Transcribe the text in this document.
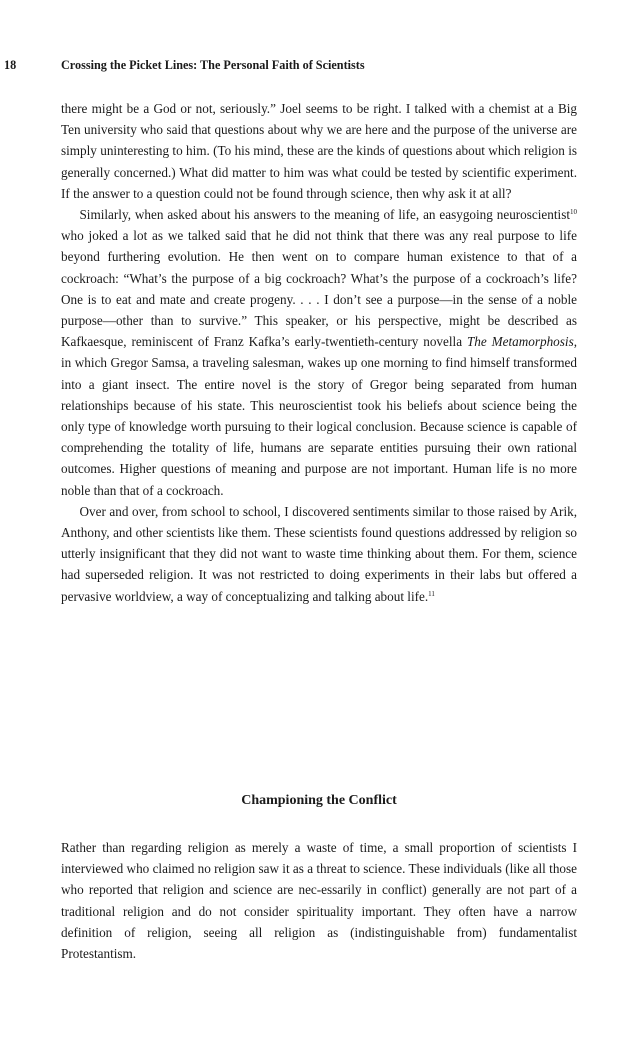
18	Crossing the Picket Lines: The Personal Faith of Scientists

there might be a God or not, seriously.” Joel seems to be right. I talked with a chemist at a Big Ten university who said that questions about why we are here and the purpose of the universe are simply uninteresting to him. (To his mind, these are the kinds of questions about which religion is generally concerned.) What did matter to him was what could be tested by scientific experiment. If the answer to a question could not be found through science, then why ask it at all?

Similarly, when asked about his answers to the meaning of life, an easygoing neuroscientist$^{10}$ who joked a lot as we talked said that he did not think that there was any real purpose to life beyond furthering evolution. He then went on to compare human existence to that of a cockroach: “What’s the purpose of a big cockroach? What’s the purpose of a cockroach’s life? One is to eat and mate and create progeny. . . . I don’t see a purpose—in the sense of a noble purpose—other than to survive.” This speaker, or his perspective, might be described as Kafkaesque, reminiscent of Franz Kafka’s early-twentieth-century novella The Metamorphosis, in which Gregor Samsa, a traveling salesman, wakes up one morning to find himself transformed into a giant insect. The entire novel is the story of Gregor being separated from human relationships because of his state. This neuroscientist took his beliefs about science being the only type of knowledge worth pursuing to their logical conclusion. Because science is capable of comprehending the totality of life, humans are separate entities pursuing their own rational outcomes. Higher questions of meaning and purpose are not important. Human life is no more noble than that of a cockroach.

Over and over, from school to school, I discovered sentiments similar to those raised by Arik, Anthony, and other scientists like them. These scientists found questions addressed by religion so utterly insignificant that they did not want to waste time thinking about them. For them, science had superseded religion. It was not restricted to doing experiments in their labs but offered a pervasive worldview, a way of conceptualizing and talking about life.$^{11}$

Championing the Conflict

Rather than regarding religion as merely a waste of time, a small proportion of scientists I interviewed who claimed no religion saw it as a threat to science. These individuals (like all those who reported that religion and science are nec-essarily in conflict) generally are not part of a traditional religion and do not consider spirituality important. They often have a narrow definition of religion, seeing all religion as (indistinguishable from) fundamentalist Protestantism.
